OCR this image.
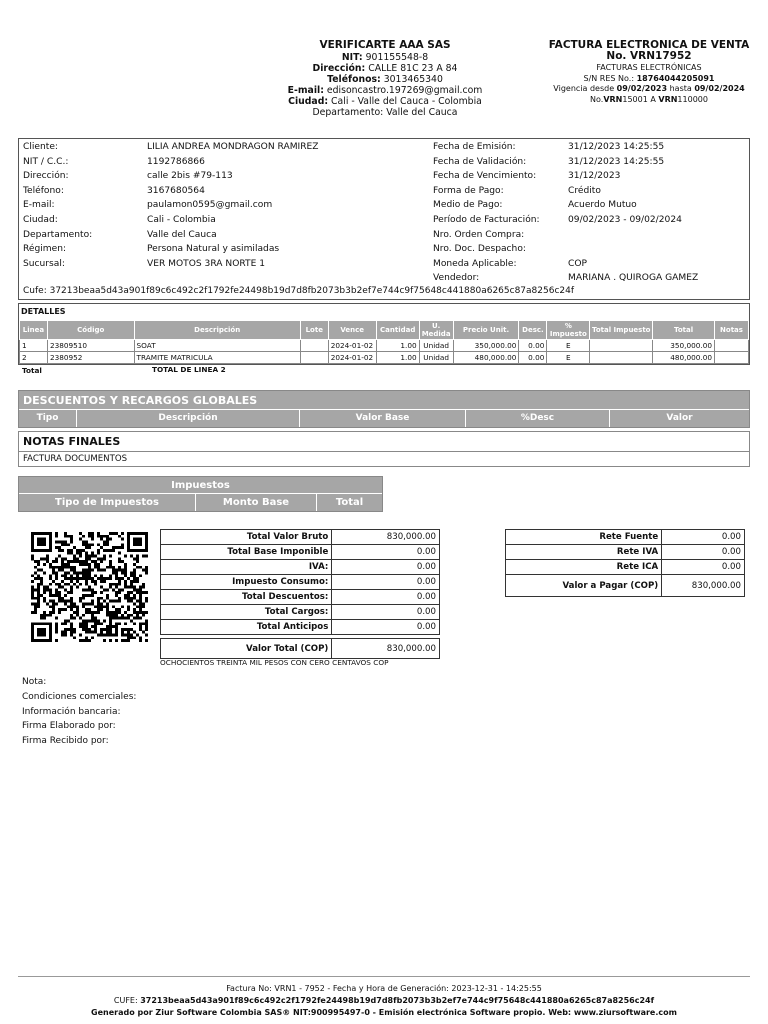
VERIFICARTE AAA SAS
NIT: 901155548-8
Dirección: CALLE 81C 23 A 84
Teléfonos: 3013465340
E-mail: edisoncastro.197269@gmail.com
Ciudad: Cali - Valle del Cauca - Colombia
Departamento: Valle del Cauca
FACTURA ELECTRONICA DE VENTA
No. VRN17952
FACTURAS ELECTRÓNICAS
S/N RES No.: 18764044205091
Vigencia desde 09/02/2023 hasta 09/02/2024
No.VRN15001 A VRN110000
Cliente:	LILIA ANDREA MONDRAGON RAMIREZ
NIT / C.C.:	1192786866
Dirección:	calle 2bis #79-113
Teléfono:	3167680564
E-mail:	paulamon0595@gmail.com
Ciudad:	Cali - Colombia
Departamento:	Valle del Cauca
Régimen:	Persona Natural y asimiladas
Sucursal:	VER MOTOS 3RA NORTE 1
Fecha de Emisión:	31/12/2023 14:25:55
Fecha de Validación:	31/12/2023 14:25:55
Fecha de Vencimiento:	31/12/2023
Forma de Pago:	Crédito
Medio de Pago:	Acuerdo Mutuo
Período de Facturación:	09/02/2023 - 09/02/2024
Nro. Orden Compra:
Nro. Doc. Despacho:
Moneda Aplicable:	COP
Vendedor:	MARIANA . QUIROGA GAMEZ
Cufe: 37213beaa5d43a901f89c6c492c2f1792fe24498b19d7d8fb2073b3b2ef7e744c9f75648c441880a6265c87a8256c24f
DETALLES
Linea	Código	Descripción	Lote	Vence	Cantidad	U. Medida	Precio Unit.	Desc.	% Impuesto	Total Impuesto	Total	Notas
1	23809510	SOAT		2024-01-02	1.00	Unidad	350,000.00	0.00	E		350,000.00	
2	2380952	TRAMITE MATRICULA		2024-01-02	1.00	Unidad	480,000.00	0.00	E		480,000.00	
Total	TOTAL DE LINEA 2
DESCUENTOS Y RECARGOS GLOBALES
Tipo	Descripción	Valor Base	%Desc	Valor
NOTAS FINALES
FACTURA DOCUMENTOS
Impuestos
Tipo de Impuestos	Monto Base	Total
Total Valor Bruto	830,000.00
Total Base Imponible	0.00
IVA:	0.00
Impuesto Consumo:	0.00
Total Descuentos:	0.00
Total Cargos:	0.00
Total Anticipos	0.00

Valor Total (COP)	830,000.00
OCHOCIENTOS TREINTA MIL PESOS CON CERO CENTAVOS COP
Rete Fuente	0.00
Rete IVA	0.00
Rete ICA	0.00
Valor a Pagar (COP)	830,000.00
Nota:
Condiciones comerciales:
Información bancaria:
Firma Elaborado por:
Firma Recibido por:
Factura No: VRN1 - 7952 - Fecha y Hora de Generación: 2023-12-31 - 14:25:55
CUFE: 37213beaa5d43a901f89c6c492c2f1792fe24498b19d7d8fb2073b3b2ef7e744c9f75648c441880a6265c87a8256c24f
Generado por Ziur Software Colombia SAS® NIT:900995497-0 - Emisión electrónica Software propio. Web: www.ziursoftware.com
